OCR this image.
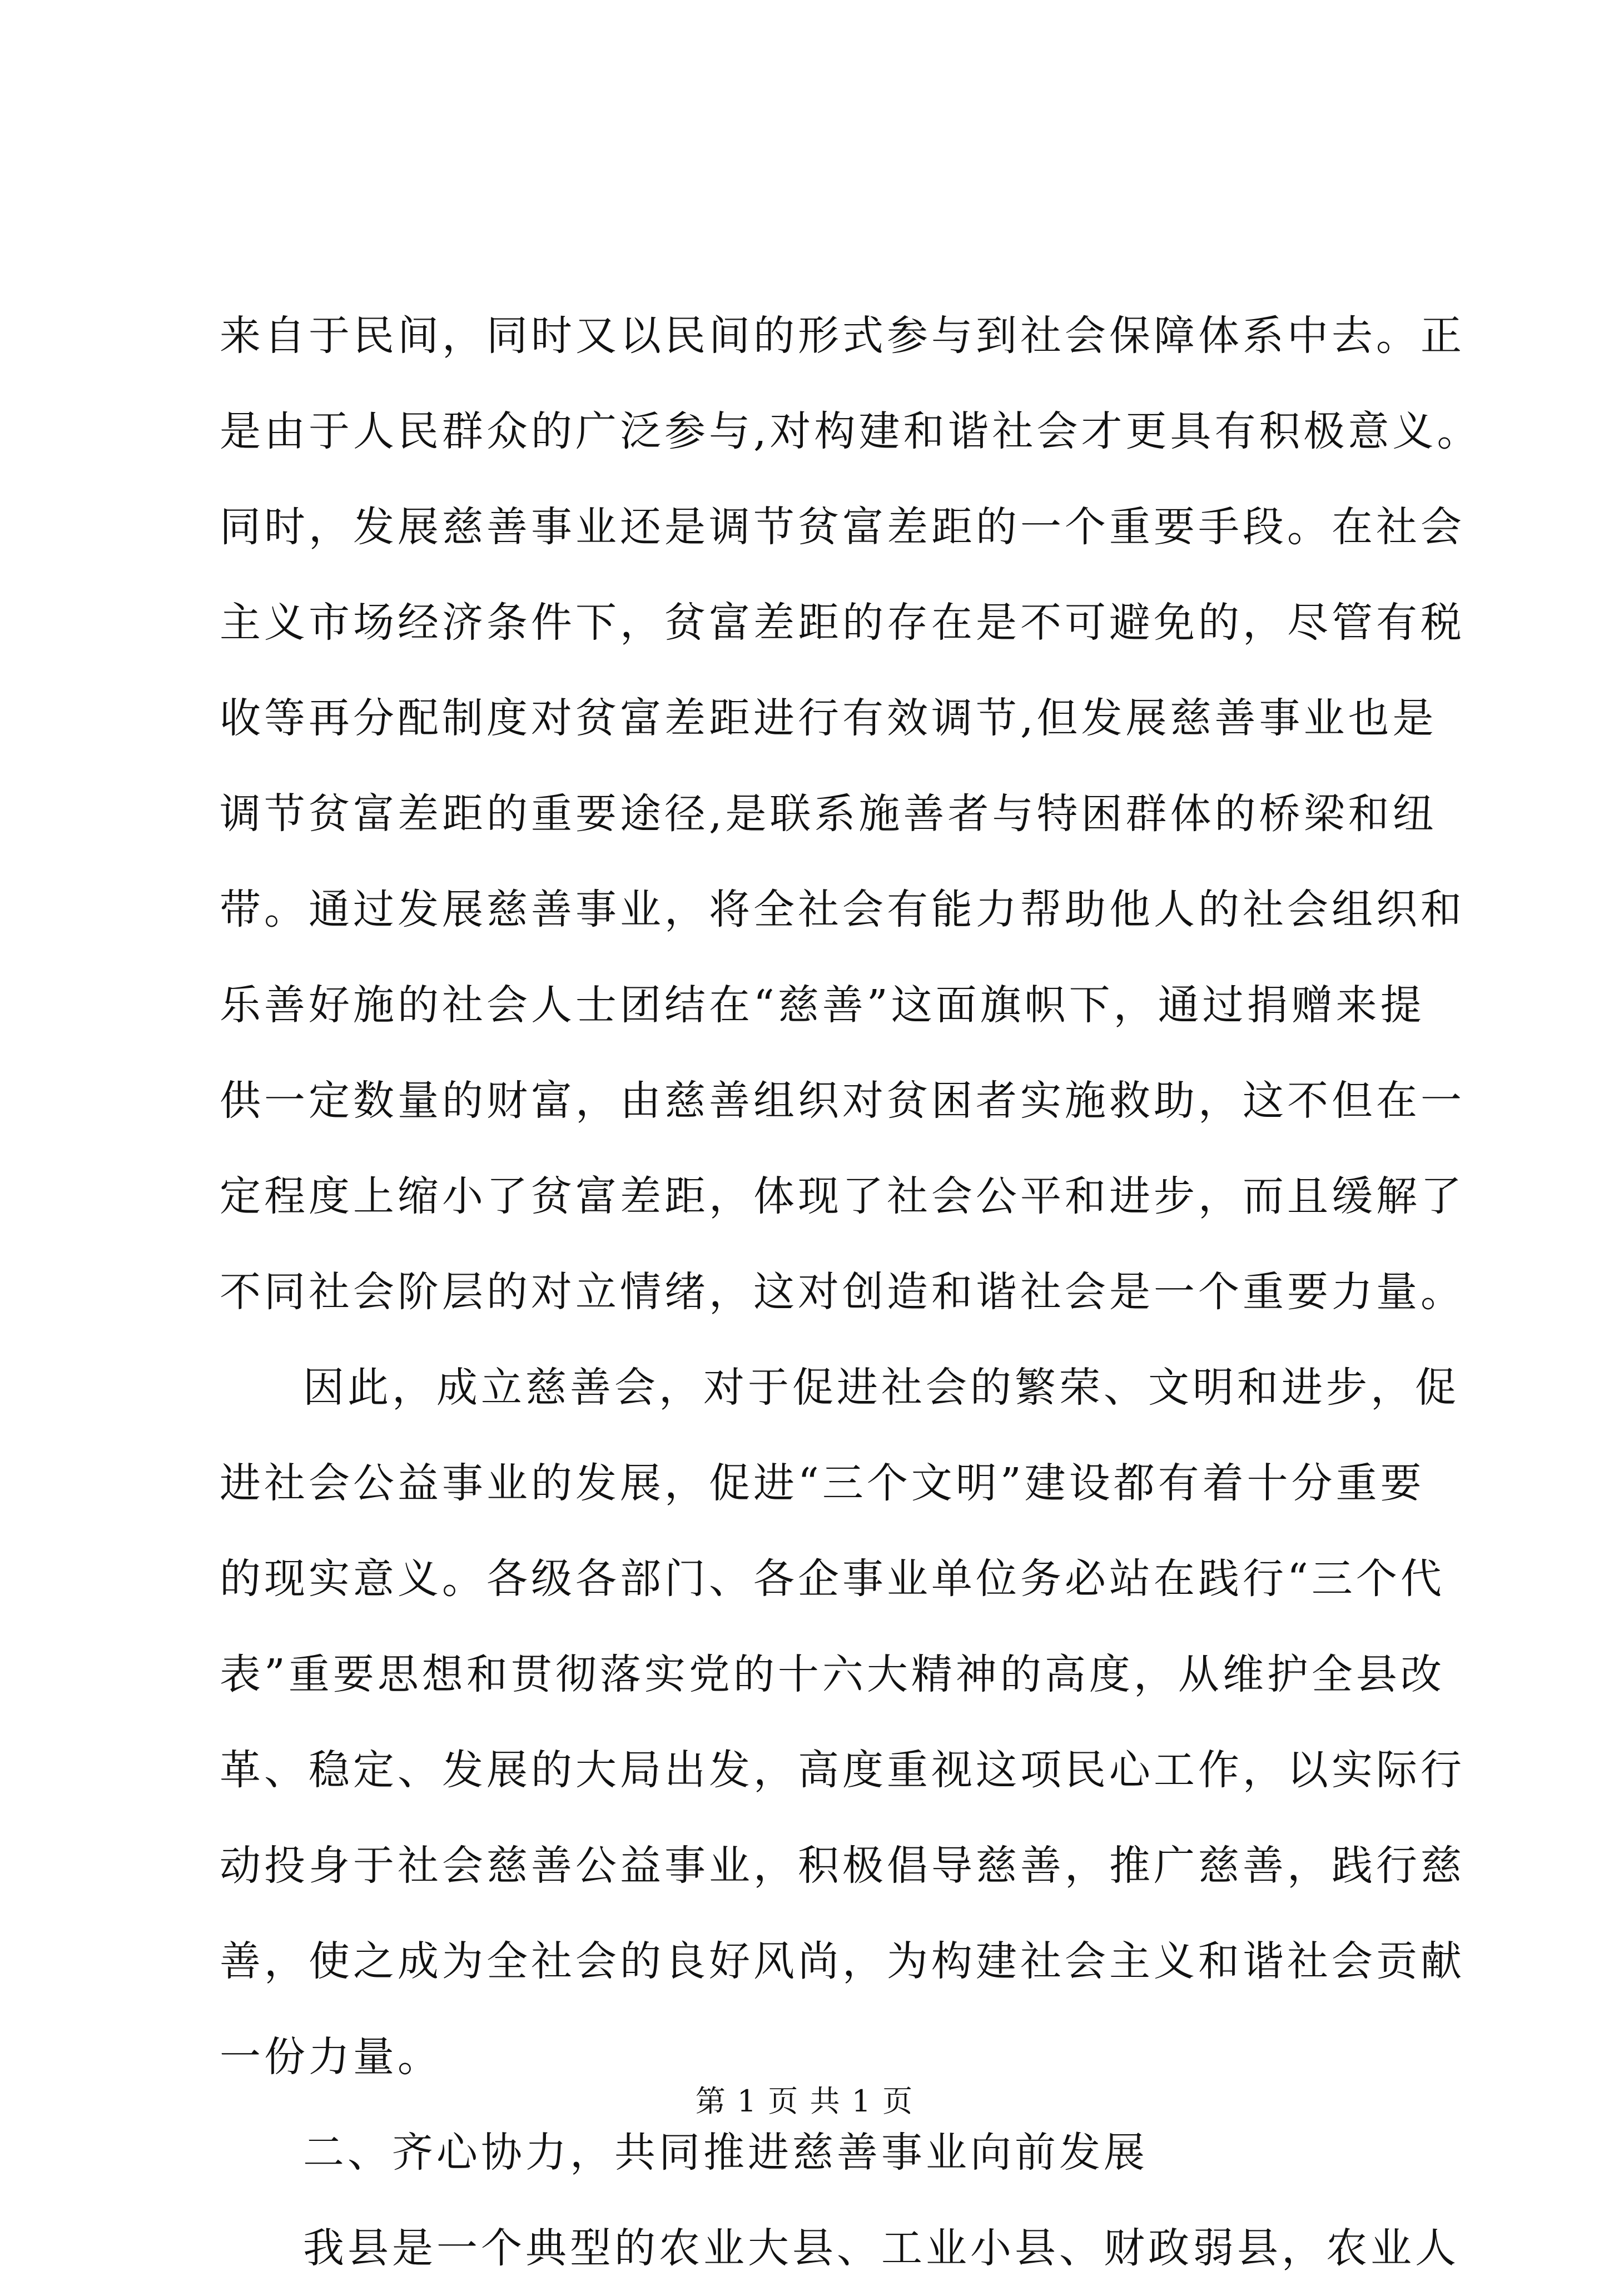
来自于民间，同时又以民间的形式参与到社会保障体系中去。正
是由于人民群众的广泛参与,对构建和谐社会才更具有积极意义。
同时，发展慈善事业还是调节贫富差距的一个重要手段。在社会
主义市场经济条件下，贫富差距的存在是不可避免的，尽管有税
收等再分配制度对贫富差距进行有效调节,但发展慈善事业也是
调节贫富差距的重要途径,是联系施善者与特困群体的桥梁和纽
带。通过发展慈善事业，将全社会有能力帮助他人的社会组织和
乐善好施的社会人士团结在“慈善”这面旗帜下，通过捐赠来提
供一定数量的财富，由慈善组织对贫困者实施救助，这不但在一
定程度上缩小了贫富差距，体现了社会公平和进步，而且缓解了
不同社会阶层的对立情绪，这对创造和谐社会是一个重要力量。
因此，成立慈善会，对于促进社会的繁荣、文明和进步，促
进社会公益事业的发展，促进“三个文明”建设都有着十分重要
的现实意义。各级各部门、各企事业单位务必站在践行“三个代
表”重要思想和贯彻落实党的十六大精神的高度，从维护全县改
革、稳定、发展的大局出发，高度重视这项民心工作，以实际行
动投身于社会慈善公益事业，积极倡导慈善，推广慈善，践行慈
善，使之成为全社会的良好风尚，为构建社会主义和谐社会贡献
一份力量。
二、齐心协力，共同推进慈善事业向前发展
我县是一个典型的农业大县、工业小县、财政弱县，农业人
第 1 页 共 1 页
